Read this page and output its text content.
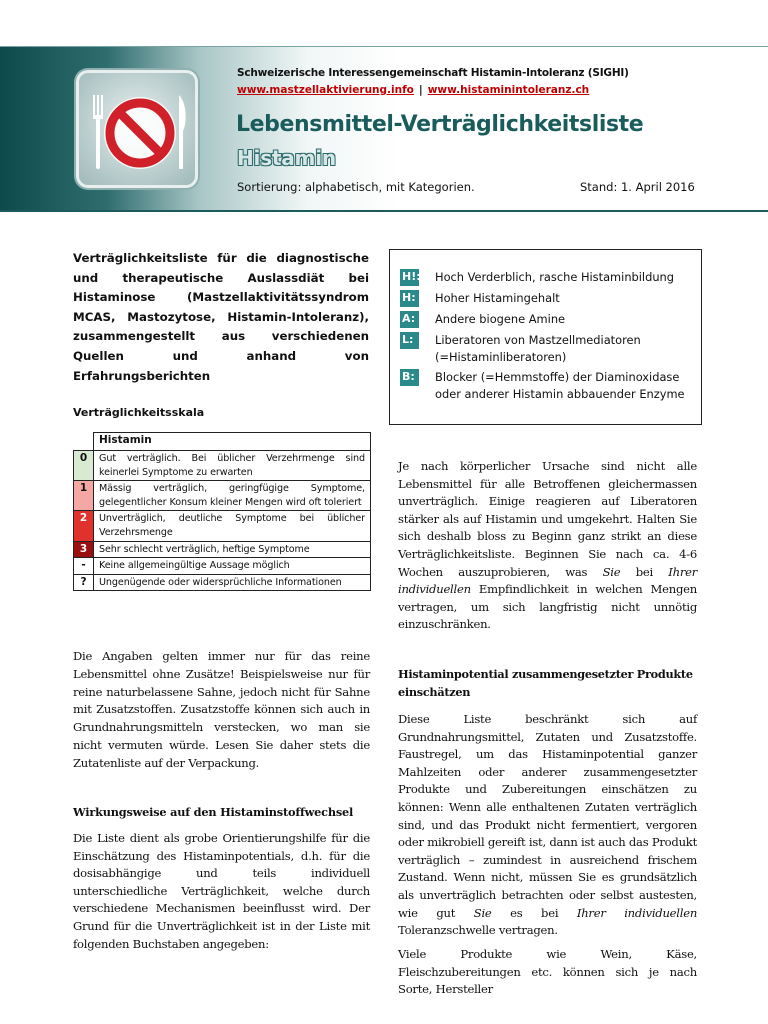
Schweizerische Interessengemeinschaft Histamin-Intoleranz (SIGHI)
www.mastzellaktivierung.info | www.histaminintoleranz.ch
Lebensmittel-Verträglichkeitsliste
Histamin
Sortierung: alphabetisch, mit Kategorien.	Stand: 1. April 2016

Verträglichkeitsliste für die diagnostische und therapeutische Auslassdiät bei Histaminose (Mastzellaktivitätssyndrom MCAS, Mastozytose, Histamin-Intoleranz), zusammengestellt aus verschiedenen Quellen und anhand von Erfahrungsberichten

Verträglichkeitsskala
	Histamin
0	Gut verträglich. Bei üblicher Verzehrmenge sind keinerlei Symptome zu erwarten
1	Mässig verträglich, geringfügige Symptome, gelegentlicher Konsum kleiner Mengen wird oft toleriert
2	Unverträglich, deutliche Symptome bei üblicher Verzehrsmenge
3	Sehr schlecht verträglich, heftige Symptome
-	Keine allgemeingültige Aussage möglich
?	Ungenügende oder widersprüchliche Informationen

Die Angaben gelten immer nur für das reine Lebensmittel ohne Zusätze! Beispielsweise nur für reine naturbelassene Sahne, jedoch nicht für Sahne mit Zusatzstoffen. Zusatzstoffe können sich auch in Grundnahrungsmitteln verstecken, wo man sie nicht vermuten würde. Lesen Sie daher stets die Zutatenliste auf der Verpackung.

Wirkungsweise auf den Histaminstoffwechsel

Die Liste dient als grobe Orientierungshilfe für die Einschätzung des Histaminpotentials, d.h. für die dosisabhängige und teils individuell unterschiedliche Verträglichkeit, welche durch verschiedene Mechanismen beeinflusst wird. Der Grund für die Unverträglichkeit ist in der Liste mit folgenden Buchstaben angegeben:

H!: Hoch Verderblich, rasche Histaminbildung
H: Hoher Histamingehalt
A:	Andere biogene Amine
L:	Liberatoren von Mastzellmediatoren (=Histaminliberatoren)
B:	Blocker (=Hemmstoffe) der Diaminoxidase oder anderer Histamin abbauender Enzyme

Je nach körperlicher Ursache sind nicht alle Lebensmittel für alle Betroffenen gleichermassen unverträglich. Einige reagieren auf Liberatoren stärker als auf Histamin und umgekehrt. Halten Sie sich deshalb bloss zu Beginn ganz strikt an diese Verträglichkeitsliste. Beginnen Sie nach ca. 4-6 Wochen auszuprobieren, was Sie bei Ihrer individuellen Empfindlichkeit in welchen Mengen vertragen, um sich langfristig nicht unnötig einzuschränken.

Histaminpotential zusammengesetzter Produkte einschätzen

Diese Liste beschränkt sich auf Grundnahrungsmittel, Zutaten und Zusatzstoffe. Faustregel, um das Histaminpotential ganzer Mahlzeiten oder anderer zusammengesetzter Produkte und Zubereitungen einschätzen zu können: Wenn alle enthaltenen Zutaten verträglich sind, und das Produkt nicht fermentiert, vergoren oder mikrobiell gereift ist, dann ist auch das Produkt verträglich – zumindest in ausreichend frischem Zustand. Wenn nicht, müssen Sie es grundsätzlich als unverträglich betrachten oder selbst austesten, wie gut Sie es bei Ihrer individuellen Toleranzschwelle vertragen.

Viele Produkte wie Wein, Käse, Fleischzubereitungen etc. können sich je nach Sorte, Hersteller
